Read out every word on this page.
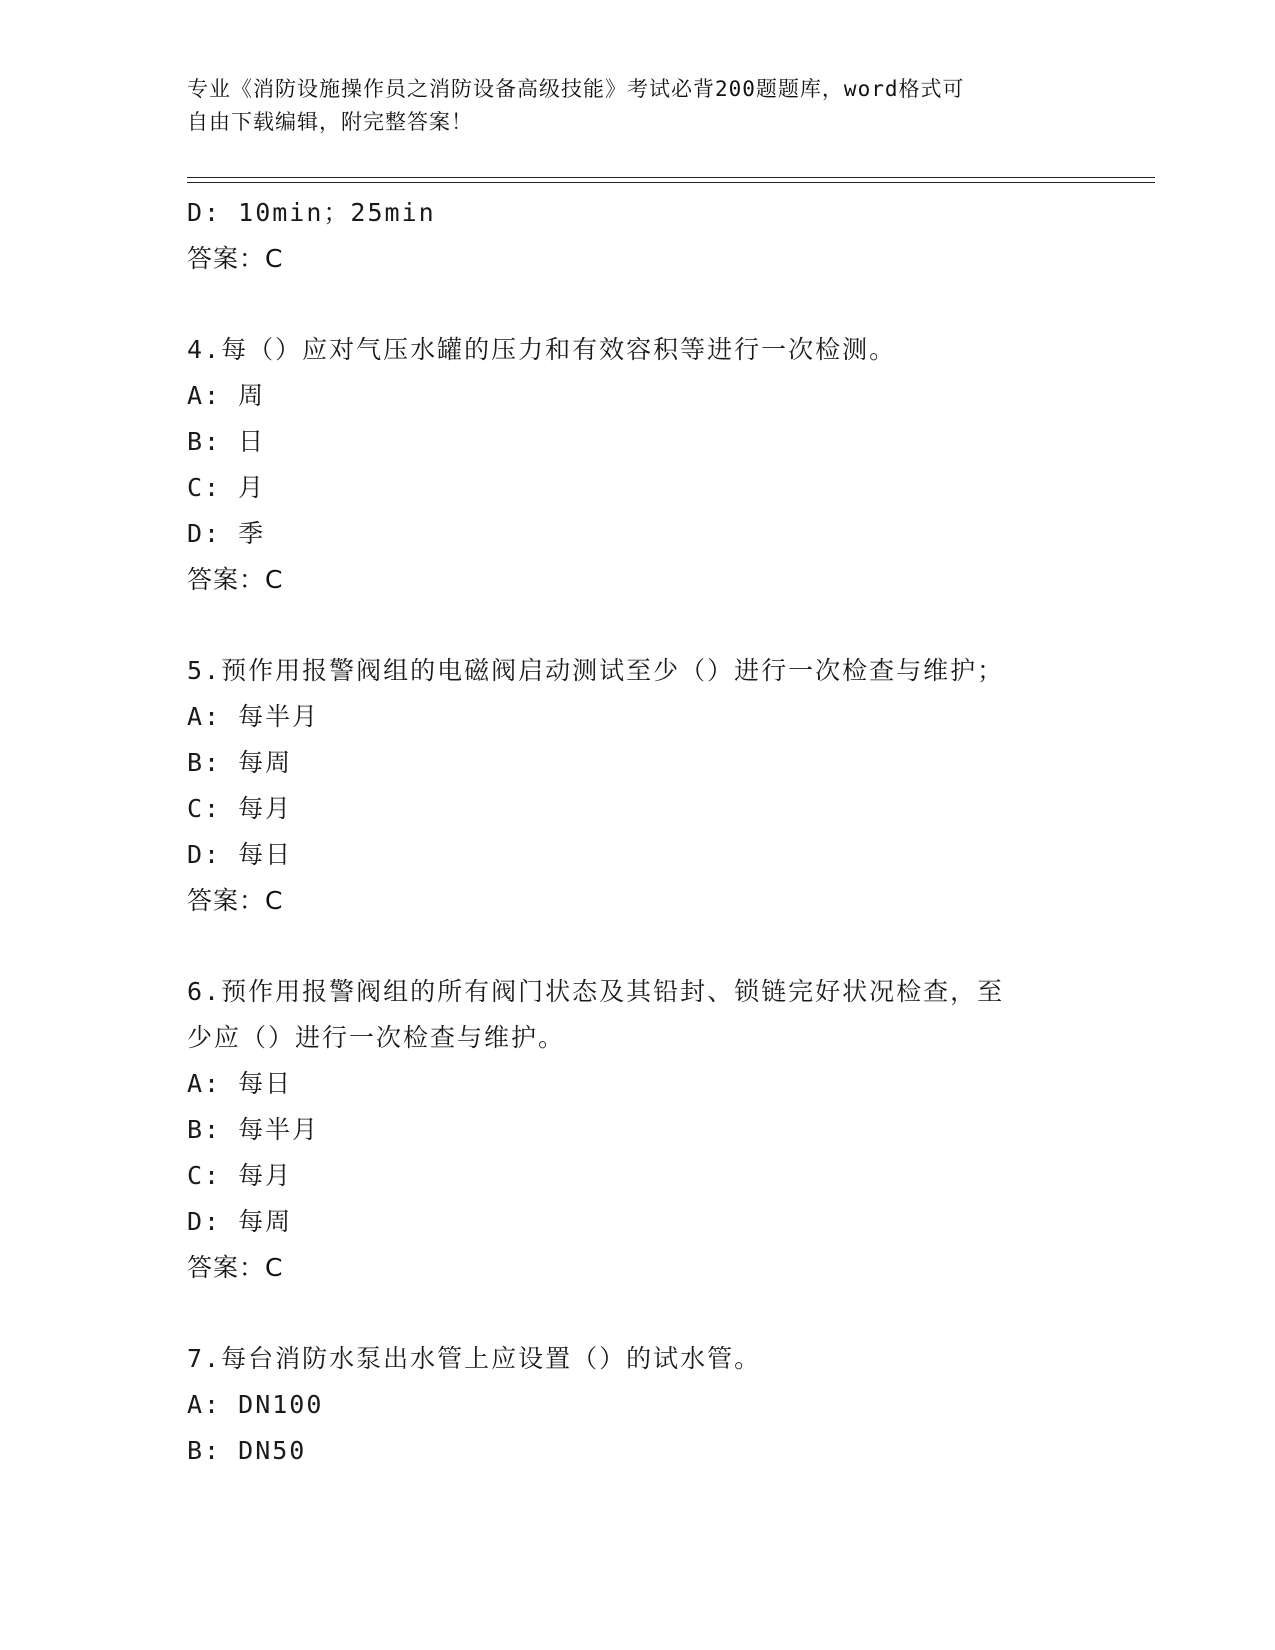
专业《消防设施操作员之消防设备高级技能》考试必背200题题库，word格式可
自由下载编辑，附完整答案！
D: 10min；25min
答案：C
4.每（）应对气压水罐的压力和有效容积等进行一次检测。
A: 周
B: 日
C: 月
D: 季
答案：C
5.预作用报警阀组的电磁阀启动测试至少（）进行一次检查与维护；
A: 每半月
B: 每周
C: 每月
D: 每日
答案：C
6.预作用报警阀组的所有阀门状态及其铅封、锁链完好状况检查，至
少应（）进行一次检查与维护。
A: 每日
B: 每半月
C: 每月
D: 每周
答案：C
7.每台消防水泵出水管上应设置（）的试水管。
A: DN100
B: DN50
